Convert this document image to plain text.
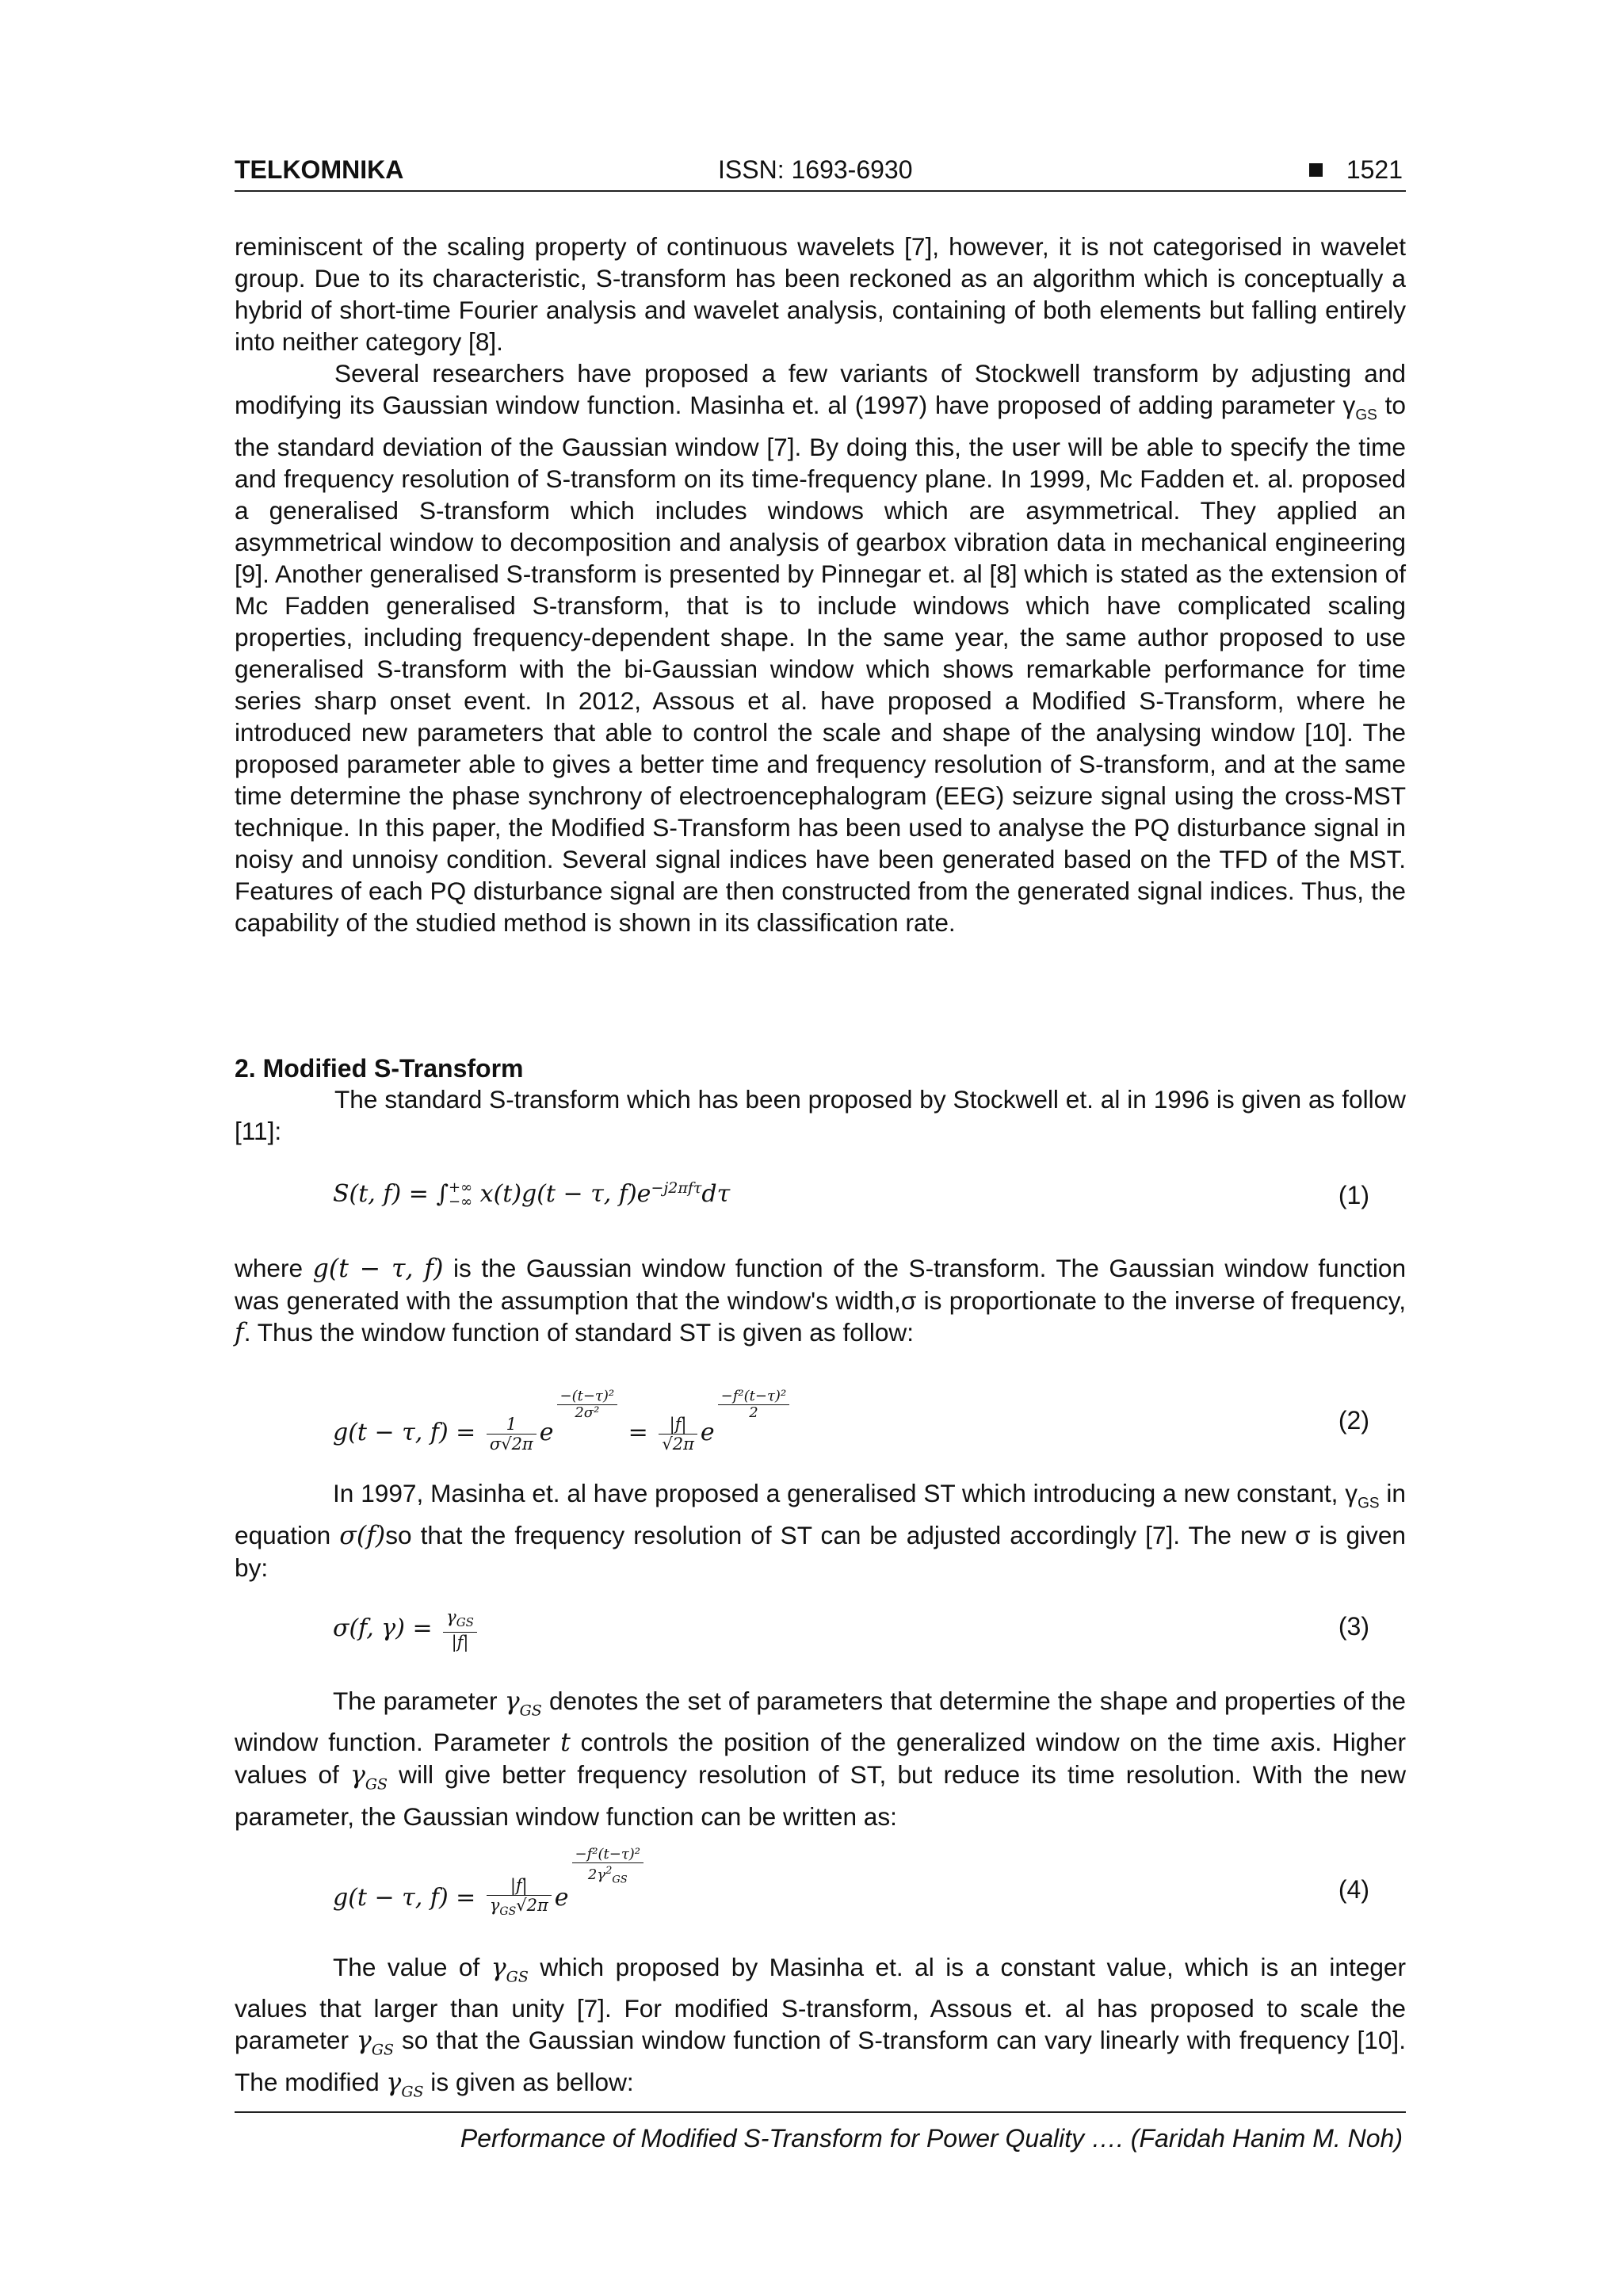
TELKOMNIKA	ISSN: 1693-6930	1521

reminiscent of the scaling property of continuous wavelets [7], however, it is not categorised in wavelet group. Due to its characteristic, S-transform has been reckoned as an algorithm which is conceptually a hybrid of short-time Fourier analysis and wavelet analysis, containing of both elements but falling entirely into neither category [8].

Several researchers have proposed a few variants of Stockwell transform by adjusting and modifying its Gaussian window function. Masinha et. al (1997) have proposed of adding parameter $\gamma_{GS}$ to the standard deviation of the Gaussian window [7]. By doing this, the user will be able to specify the time and frequency resolution of S-transform on its time-frequency plane. In 1999, Mc Fadden et. al. proposed a generalised S-transform which includes windows which are asymmetrical. They applied an asymmetrical window to decomposition and analysis of gearbox vibration data in mechanical engineering [9]. Another generalised S-transform is presented by Pinnegar et. al [8] which is stated as the extension of Mc Fadden generalised S-transform, that is to include windows which have complicated scaling properties, including frequency-dependent shape. In the same year, the same author proposed to use generalised S-transform with the bi-Gaussian window which shows remarkable performance for time series sharp onset event. In 2012, Assous et al. have proposed a Modified S-Transform, where he introduced new parameters that able to control the scale and shape of the analysing window [10]. The proposed parameter able to gives a better time and frequency resolution of S-transform, and at the same time determine the phase synchrony of electroencephalogram (EEG) seizure signal using the cross-MST technique. In this paper, the Modified S-Transform has been used to analyse the PQ disturbance signal in noisy and unnoisy condition. Several signal indices have been generated based on the TFD of the MST. Features of each PQ disturbance signal are then constructed from the generated signal indices. Thus, the capability of the studied method is shown in its classification rate.

2. Modified S-Transform

The standard S-transform which has been proposed by Stockwell et. al in 1996 is given as follow [11]:

S(t, f) = ∫ +∞
−∞ x(t)g(t − τ, $f)e^{-j2\pi f\tau}d\tau$	(1)

where g(t − τ, f) is the Gaussian window function of the S-transform. The Gaussian window function was generated with the assumption that the window's width,σ is proportionate to the inverse of frequency, f. Thus the window function of standard ST is given as follow:

g(t − τ, $f) = \frac{1}{\sigma√2\pi}$ e
$^{\frac{\text{−(t−τ)²}}{\text{2σ²}}}$
= $\frac{|f|}{√2\pi}$ e
$^{\frac{\text{−f²(t−τ)²}}{2}}$	(2)

In 1997, Masinha et. al have proposed a generalised ST which introducing a new constant, $\gamma_{GS}$ in equation σ(f)so that the frequency resolution of ST can be adjusted accordingly [7]. The new σ is given by:

σ(f, $\gamma) = \frac{\gamma_{GS}}{|f|}$	(3)

The parameter $\gamma_{GS}$ denotes the set of parameters that determine the shape and properties of the window function. Parameter t controls the position of the generalized window on the time axis. Higher values of $\gamma_{GS}$ will give better frequency resolution of ST, but reduce its time resolution. With the new parameter, the Gaussian window function can be written as:

g(t − τ, $f) = \frac{|f|}{\gamma_{GS}√2\pi}$ e
$^{\frac{\text{−f²(t−τ)²}}{2\gamma^2_{GS}}}$
(4)

The value of $\gamma_{GS}$ which proposed by Masinha et. al is a constant value, which is an integer values that larger than unity [7]. For modified S-transform, Assous et. al has proposed to scale the parameter $\gamma_{GS}$ so that the Gaussian window function of S-transform can vary linearly with frequency [10]. The modified $\gamma_{GS}$ is given as bellow:

Performance of Modified S-Transform for Power Quality …. (Faridah Hanim M. Noh)
